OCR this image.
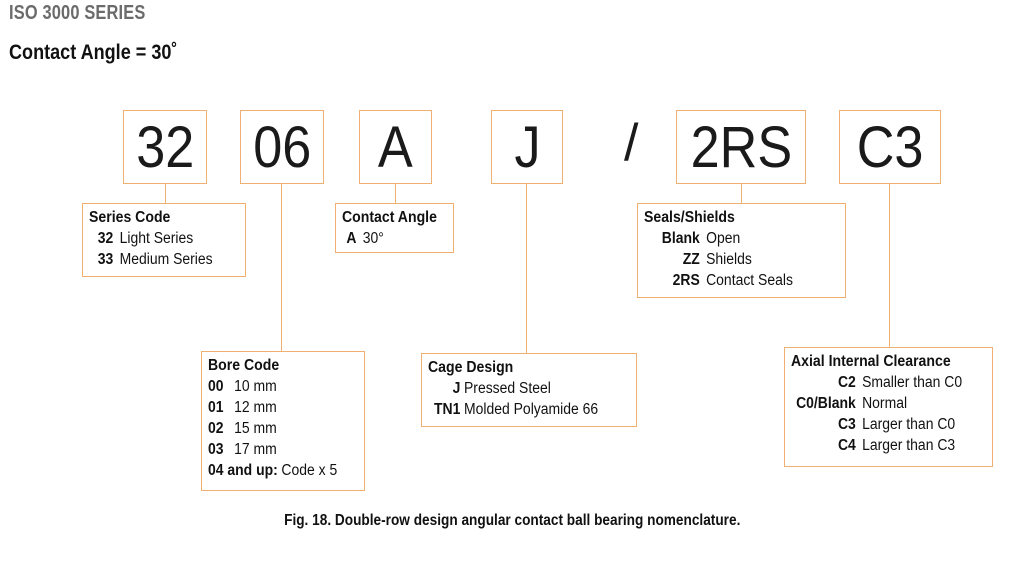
ISO 3000 SERIES
Contact Angle = 30˚
32 06 A J / 2RS C3
Series Code
32 Light Series
33 Medium Series
Contact Angle
A 30°
Seals/Shields
Blank Open
ZZ Shields
2RS Contact Seals
Bore Code
00 10 mm
01 12 mm
02 15 mm
03 17 mm
04 and up: Code x 5
Cage Design
J Pressed Steel
TN1 Molded Polyamide 66
Axial Internal Clearance
C2 Smaller than C0
C0/Blank Normal
C3 Larger than C0
C4 Larger than C3
Fig. 18. Double-row design angular contact ball bearing nomenclature.
